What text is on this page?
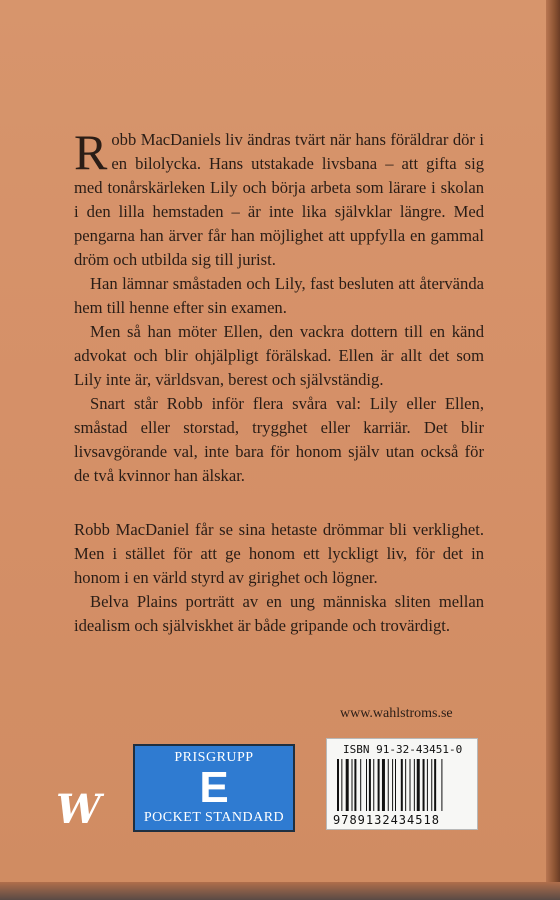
Robb MacDaniels liv ändras tvärt när hans föräldrar dör i en bilolycka. Hans utstakade livsbana – att gifta sig med tonårskärleken Lily och börja arbeta som lärare i skolan i den lilla hemstaden – är inte lika självklar längre. Med pengarna han ärver får han möjlighet att uppfylla en gammal dröm och utbilda sig till jurist.

Han lämnar småstaden och Lily, fast besluten att återvända hem till henne efter sin examen.

Men så han möter Ellen, den vackra dottern till en känd advokat och blir ohjälpligt förälskad. Ellen är allt det som Lily inte är, världsvan, berest och självständig.

Snart står Robb inför flera svåra val: Lily eller Ellen, småstad eller storstad, trygghet eller karriär. Det blir livsavgörande val, inte bara för honom själv utan också för de två kvinnor han älskar.

Robb MacDaniel får se sina hetaste drömmar bli verklighet. Men i stället för att ge honom ett lyckligt liv, för det in honom i en värld styrd av girighet och lögner.

Belva Plains porträtt av en ung människa sliten mellan idealism och själviskhet är både gripande och trovärdigt.

www.wahlstroms.se
W
PRISGRUPP
E
POCKET STANDARD
ISBN 91-32-43451-0
9789132434518
